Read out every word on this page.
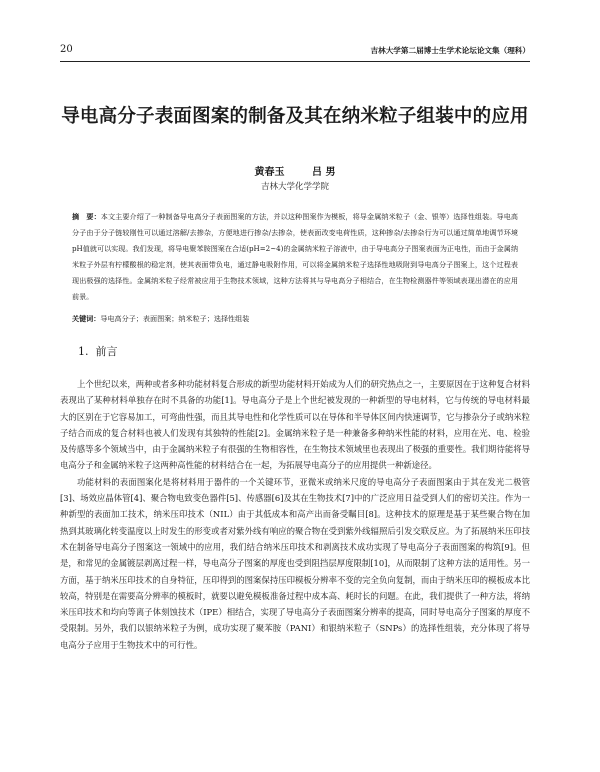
20	吉林大学第二届博士生学术论坛论文集（理科）
导电高分子表面图案的制备及其在纳米粒子组装中的应用
黄春玉	吕 男
吉林大学化学学院

摘　要：本文主要介绍了一种制备导电高分子表面图案的方法，并以这种图案作为模板，将导金属纳米粒子（金、银等）选择性组装。导电高分子由于分子链较刚性可以通过溶解/去掺杂，方便地进行掺杂/去掺杂，使表面改变电荷性质，这种掺杂/去掺杂行为可以通过简单地调节环境pH值就可以实现。我们发现，将导电聚苯胺图案在合适(pH=2~4)的金属纳米粒子溶液中，由于导电高分子图案表面为正电性，而由于金属纳米粒子外层有柠檬酸根的稳定剂，使其表面带负电，通过静电吸附作用，可以将金属纳米粒子选择性地吸附到导电高分子图案上，这个过程表现出极强的选择性。金属纳米粒子经常被应用于生物技术领域，这种方法将其与导电高分子相结合，在生物检测器件等领域表现出潜在的应用前景。

关键词：导电高分子；表面图案；纳米粒子；选择性组装

1. 前言

上个世纪以来，两种或者多种功能材料复合形成的新型功能材料开始成为人们的研究热点之一，主要原因在于这种复合材料表现出了某种材料单独存在时不具备的功能[1]。导电高分子是上个世纪被发现的一种新型的导电材料，它与传统的导电材料最大的区别在于它容易加工，可弯曲性强，而且其导电性和化学性质可以在导体和半导体区间内快速调节，它与掺杂分子或纳米粒子结合而成的复合材料也被人们发现有其独特的性能[2]。金属纳米粒子是一种兼备多种纳米性能的材料，应用在光、电、检验及传感等多个领域当中，由于金属纳米粒子有很强的生物相容性，在生物技术领域里也表现出了极强的重要性。我们期待能将导电高分子和金属纳米粒子这两种高性能的材料结合在一起，为拓展导电高分子的应用提供一种新途径。

功能材料的表面图案化是将材料用于器件的一个关键环节，亚微米或纳米尺度的导电高分子表面图案由于其在发光二极管[3]、场效应晶体管[4]、聚合物电致变色器件[5]、传感器[6]及其在生物技术[7]中的广泛应用日益受到人们的密切关注。作为一种新型的表面加工技术，纳米压印技术（NIL）由于其低成本和高产出而备受瞩目[8]。这种技术的原理是基于某些聚合物在加热到其玻璃化转变温度以上时发生的形变或者对紫外线有响应的聚合物在受到紫外线辐照后引发交联反应。为了拓展纳米压印技术在制备导电高分子图案这一领域中的应用，我们结合纳米压印技术和剥离技术成功实现了导电高分子表面图案的构筑[9]。但是，和常见的金属镀层剥离过程一样，导电高分子图案的厚度也受到阻挡层厚度限制[10]，从而限制了这种方法的适用性。另一方面，基于纳米压印技术的自身特征，压印得到的图案保持压印模板分辨率不变的完全负向复制，而由于纳米压印的模板成本比较高，特别是在需要高分辨率的模板时，就要以避免模板准备过程中成本高、耗时长的问题。在此，我们提供了一种方法，将纳米压印技术和均向等离子体刻蚀技术（IPE）相结合，实现了导电高分子表面图案分辨率的提高，同时导电高分子图案的厚度不受限制。另外，我们以银纳米粒子为例，成功实现了聚苯胺（PANI）和银纳米粒子（SNPs）的选择性组装，充分体现了将导电高分子应用于生物技术中的可行性。
